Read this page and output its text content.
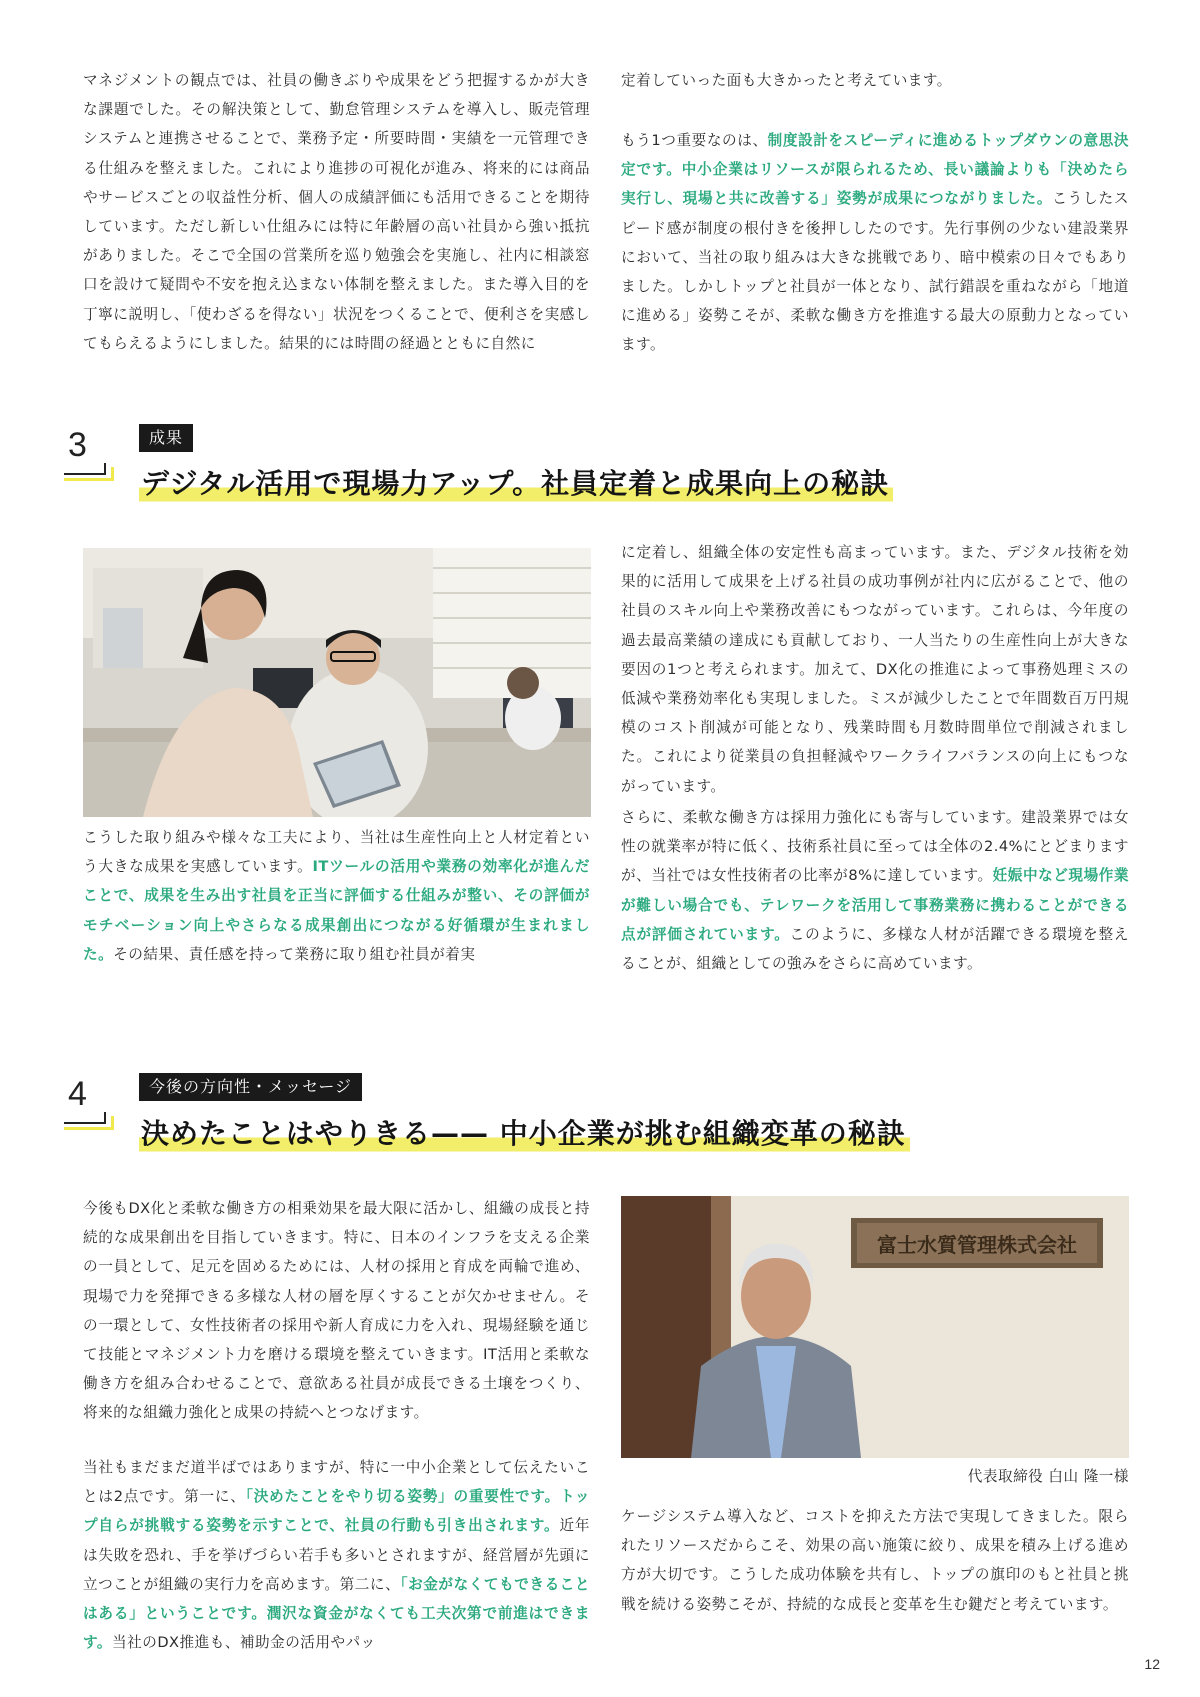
マネジメントの観点では、社員の働きぶりや成果をどう把握するかが大きな課題でした。その解決策として、勤怠管理システムを導入し、販売管理システムと連携させることで、業務予定・所要時間・実績を一元管理できる仕組みを整えました。これにより進捗の可視化が進み、将来的には商品やサービスごとの収益性分析、個人の成績評価にも活用できることを期待しています。ただし新しい仕組みには特に年齢層の高い社員から強い抵抗がありました。そこで全国の営業所を巡り勉強会を実施し、社内に相談窓口を設けて疑問や不安を抱え込まない体制を整えました。また導入目的を丁寧に説明し、「使わざるを得ない」状況をつくることで、便利さを実感してもらえるようにしました。結果的には時間の経過とともに自然に

定着していった面も大きかったと考えています。

もう1つ重要なのは、制度設計をスピーディに進めるトップダウンの意思決定です。中小企業はリソースが限られるため、長い議論よりも「決めたら実行し、現場と共に改善する」姿勢が成果につながりました。こうしたスピード感が制度の根付きを後押ししたのです。先行事例の少ない建設業界において、当社の取り組みは大きな挑戦であり、暗中模索の日々でもありました。しかしトップと社員が一体となり、試行錯誤を重ねながら「地道に進める」姿勢こそが、柔軟な働き方を推進する最大の原動力となっています。

3	成果
デジタル活用で現場力アップ。社員定着と成果向上の秘訣

こうした取り組みや様々な工夫により、当社は生産性向上と人材定着という大きな成果を実感しています。ITツールの活用や業務の効率化が進んだことで、成果を生み出す社員を正当に評価する仕組みが整い、その評価がモチベーション向上やさらなる成果創出につながる好循環が生まれました。その結果、責任感を持って業務に取り組む社員が着実

に定着し、組織全体の安定性も高まっています。また、デジタル技術を効果的に活用して成果を上げる社員の成功事例が社内に広がることで、他の社員のスキル向上や業務改善にもつながっています。これらは、今年度の過去最高業績の達成にも貢献しており、一人当たりの生産性向上が大きな要因の1つと考えられます。加えて、DX化の推進によって事務処理ミスの低減や業務効率化も実現しました。ミスが減少したことで年間数百万円規模のコスト削減が可能となり、残業時間も月数時間単位で削減されました。これにより従業員の負担軽減やワークライフバランスの向上にもつながっています。

さらに、柔軟な働き方は採用力強化にも寄与しています。建設業界では女性の就業率が特に低く、技術系社員に至っては全体の2.4%にとどまりますが、当社では女性技術者の比率が8%に達しています。妊娠中など現場作業が難しい場合でも、テレワークを活用して事務業務に携わることができる点が評価されています。このように、多様な人材が活躍できる環境を整えることが、組織としての強みをさらに高めています。

4	今後の方向性・メッセージ
決めたことはやりきる—— 中小企業が挑む組織変革の秘訣

今後もDX化と柔軟な働き方の相乗効果を最大限に活かし、組織の成長と持続的な成果創出を目指していきます。特に、日本のインフラを支える企業の一員として、足元を固めるためには、人材の採用と育成を両輪で進め、現場で力を発揮できる多様な人材の層を厚くすることが欠かせません。その一環として、女性技術者の採用や新人育成に力を入れ、現場経験を通じて技能とマネジメント力を磨ける環境を整えていきます。IT活用と柔軟な働き方を組み合わせることで、意欲ある社員が成長できる土壌をつくり、将来的な組織力強化と成果の持続へとつなげます。

当社もまだまだ道半ばではありますが、特に一中小企業として伝えたいことは2点です。第一に、「決めたことをやり切る姿勢」の重要性です。トップ自らが挑戦する姿勢を示すことで、社員の行動も引き出されます。近年は失敗を恐れ、手を挙げづらい若手も多いとされますが、経営層が先頭に立つことが組織の実行力を高めます。第二に、「お金がなくてもできることはある」ということです。潤沢な資金がなくても工夫次第で前進はできます。当社のDX推進も、補助金の活用やパッ

富士水質管理株式会社
代表取締役 白山 隆一様

ケージシステム導入など、コストを抑えた方法で実現してきました。限られたリソースだからこそ、効果の高い施策に絞り、成果を積み上げる進め方が大切です。こうした成功体験を共有し、トップの旗印のもと社員と挑戦を続ける姿勢こそが、持続的な成長と変革を生む鍵だと考えています。

12
